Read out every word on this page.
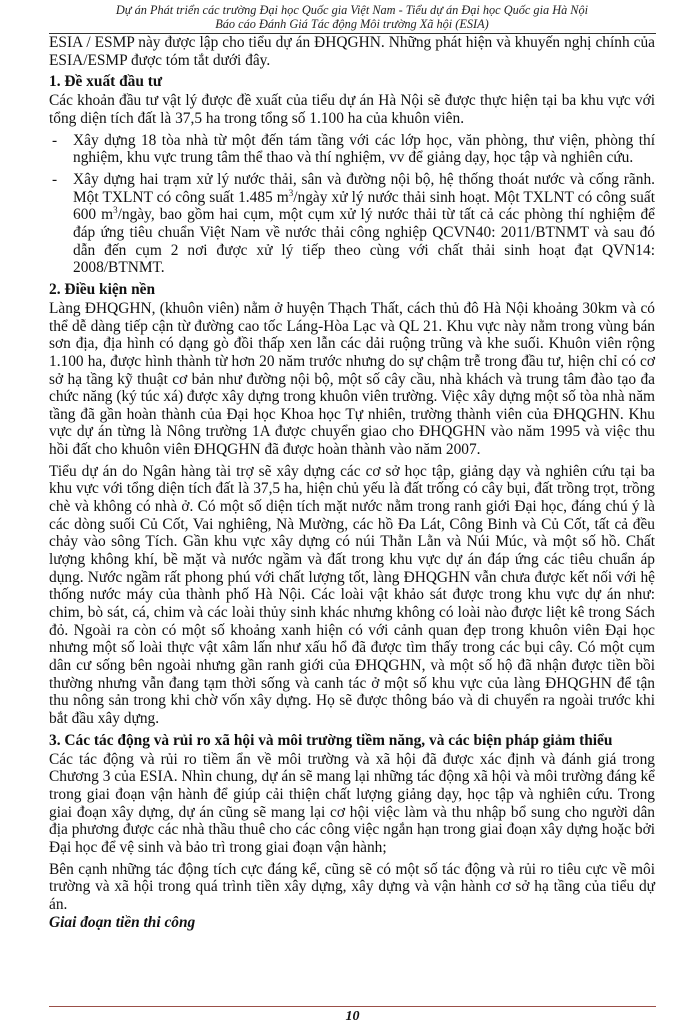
Dự án Phát triển các trường Đại học Quốc gia Việt Nam - Tiểu dự án Đại học Quốc gia Hà Nội
Báo cáo Đánh Giá Tác động Môi trường Xã hội (ESIA)

ESIA / ESMP này được lập cho tiểu dự án ĐHQGHN. Những phát hiện và khuyến nghị chính của ESIA/ESMP được tóm tắt dưới đây.

1. Đề xuất đầu tư

Các khoản đầu tư vật lý được đề xuất của tiểu dự án Hà Nội sẽ được thực hiện tại ba khu vực với tổng diện tích đất là 37,5 ha trong tổng số 1.100 ha của khuôn viên.

- Xây dựng 18 tòa nhà từ một đến tám tầng với các lớp học, văn phòng, thư viện, phòng thí nghiệm, khu vực trung tâm thể thao và thí nghiệm, vv để giảng dạy, học tập và nghiên cứu.
- Xây dựng hai trạm xử lý nước thải, sân và đường nội bộ, hệ thống thoát nước và cống rãnh. Một TXLNT có công suất 1.485 $m^3$/ngày xử lý nước thải sinh hoạt. Một TXLNT có công suất 600 $m^3$/ngày, bao gồm hai cụm, một cụm xử lý nước thải từ tất cả các phòng thí nghiệm để đáp ứng tiêu chuẩn Việt Nam về nước thải công nghiệp QCVN40: 2011/BTNMT và sau đó dẫn đến cụm 2 nơi được xử lý tiếp theo cùng với chất thải sinh hoạt đạt QVN14: 2008/BTNMT.
2. Điều kiện nền

Làng ĐHQGHN, (khuôn viên) nằm ở huyện Thạch Thất, cách thủ đô Hà Nội khoảng 30km và có thể dễ dàng tiếp cận từ đường cao tốc Láng-Hòa Lạc và QL 21. Khu vực này nằm trong vùng bán sơn địa, địa hình có dạng gò đồi thấp xen lẫn các dải ruộng trũng và khe suối. Khuôn viên rộng 1.100 ha, được hình thành từ hơn 20 năm trước nhưng do sự chậm trễ trong đầu tư, hiện chỉ có cơ sở hạ tầng kỹ thuật cơ bản như đường nội bộ, một số cây cầu, nhà khách và trung tâm đào tạo đa chức năng (ký túc xá) được xây dựng trong khuôn viên trường. Việc xây dựng một số tòa nhà năm tầng đã gần hoàn thành của Đại học Khoa học Tự nhiên, trường thành viên của ĐHQGHN. Khu vực dự án từng là Nông trường 1A được chuyển giao cho ĐHQGHN vào năm 1995 và việc thu hồi đất cho khuôn viên ĐHQGHN đã được hoàn thành vào năm 2007.

Tiểu dự án do Ngân hàng tài trợ sẽ xây dựng các cơ sở học tập, giảng dạy và nghiên cứu tại ba khu vực với tổng diện tích đất là 37,5 ha, hiện chủ yếu là đất trống có cây bụi, đất trồng trọt, trồng chè và không có nhà ở. Có một số diện tích mặt nước nằm trong ranh giới Đại học, đáng chú ý là các dòng suối Củ Cốt, Vai nghiêng, Nà Mường, các hồ Đa Lát, Công Binh và Củ Cốt, tất cả đều chảy vào sông Tích. Gần khu vực xây dựng có núi Thằn Lằn và Núi Múc, và một số hồ. Chất lượng không khí, bề mặt và nước ngầm và đất trong khu vực dự án đáp ứng các tiêu chuẩn áp dụng. Nước ngầm rất phong phú với chất lượng tốt, làng ĐHQGHN vẫn chưa được kết nối với hệ thống nước máy của thành phố Hà Nội. Các loài vật khảo sát được trong khu vực dự án như: chim, bò sát, cá, chim và các loài thủy sinh khác nhưng không có loài nào được liệt kê trong Sách đỏ. Ngoài ra còn có một số khoảng xanh hiện có với cảnh quan đẹp trong khuôn viên Đại học nhưng một số loài thực vật xâm lấn như xấu hổ đã được tìm thấy trong các bụi cây. Có một cụm dân cư sống bên ngoài nhưng gần ranh giới của ĐHQGHN, và một số hộ đã nhận được tiền bồi thường nhưng vẫn đang tạm thời sống và canh tác ở một số khu vực của làng ĐHQGHN để tận thu nông sản trong khi chờ vốn xây dựng. Họ sẽ được thông báo và di chuyển ra ngoài trước khi bắt đầu xây dựng.

3. Các tác động và rủi ro xã hội và môi trường tiềm năng, và các biện pháp giảm thiểu

Các tác động và rủi ro tiềm ẩn về môi trường và xã hội đã được xác định và đánh giá trong Chương 3 của ESIA. Nhìn chung, dự án sẽ mang lại những tác động xã hội và môi trường đáng kể trong giai đoạn vận hành để giúp cải thiện chất lượng giảng dạy, học tập và nghiên cứu. Trong giai đoạn xây dựng, dự án cũng sẽ mang lại cơ hội việc làm và thu nhập bổ sung cho người dân địa phương được các nhà thầu thuê cho các công việc ngắn hạn trong giai đoạn xây dựng hoặc bởi Đại học để vệ sinh và bảo trì trong giai đoạn vận hành;

Bên cạnh những tác động tích cực đáng kể, cũng sẽ có một số tác động và rủi ro tiêu cực về môi trường và xã hội trong quá trình tiền xây dựng, xây dựng và vận hành cơ sở hạ tầng của tiểu dự án.

Giai đoạn tiền thi công

10
